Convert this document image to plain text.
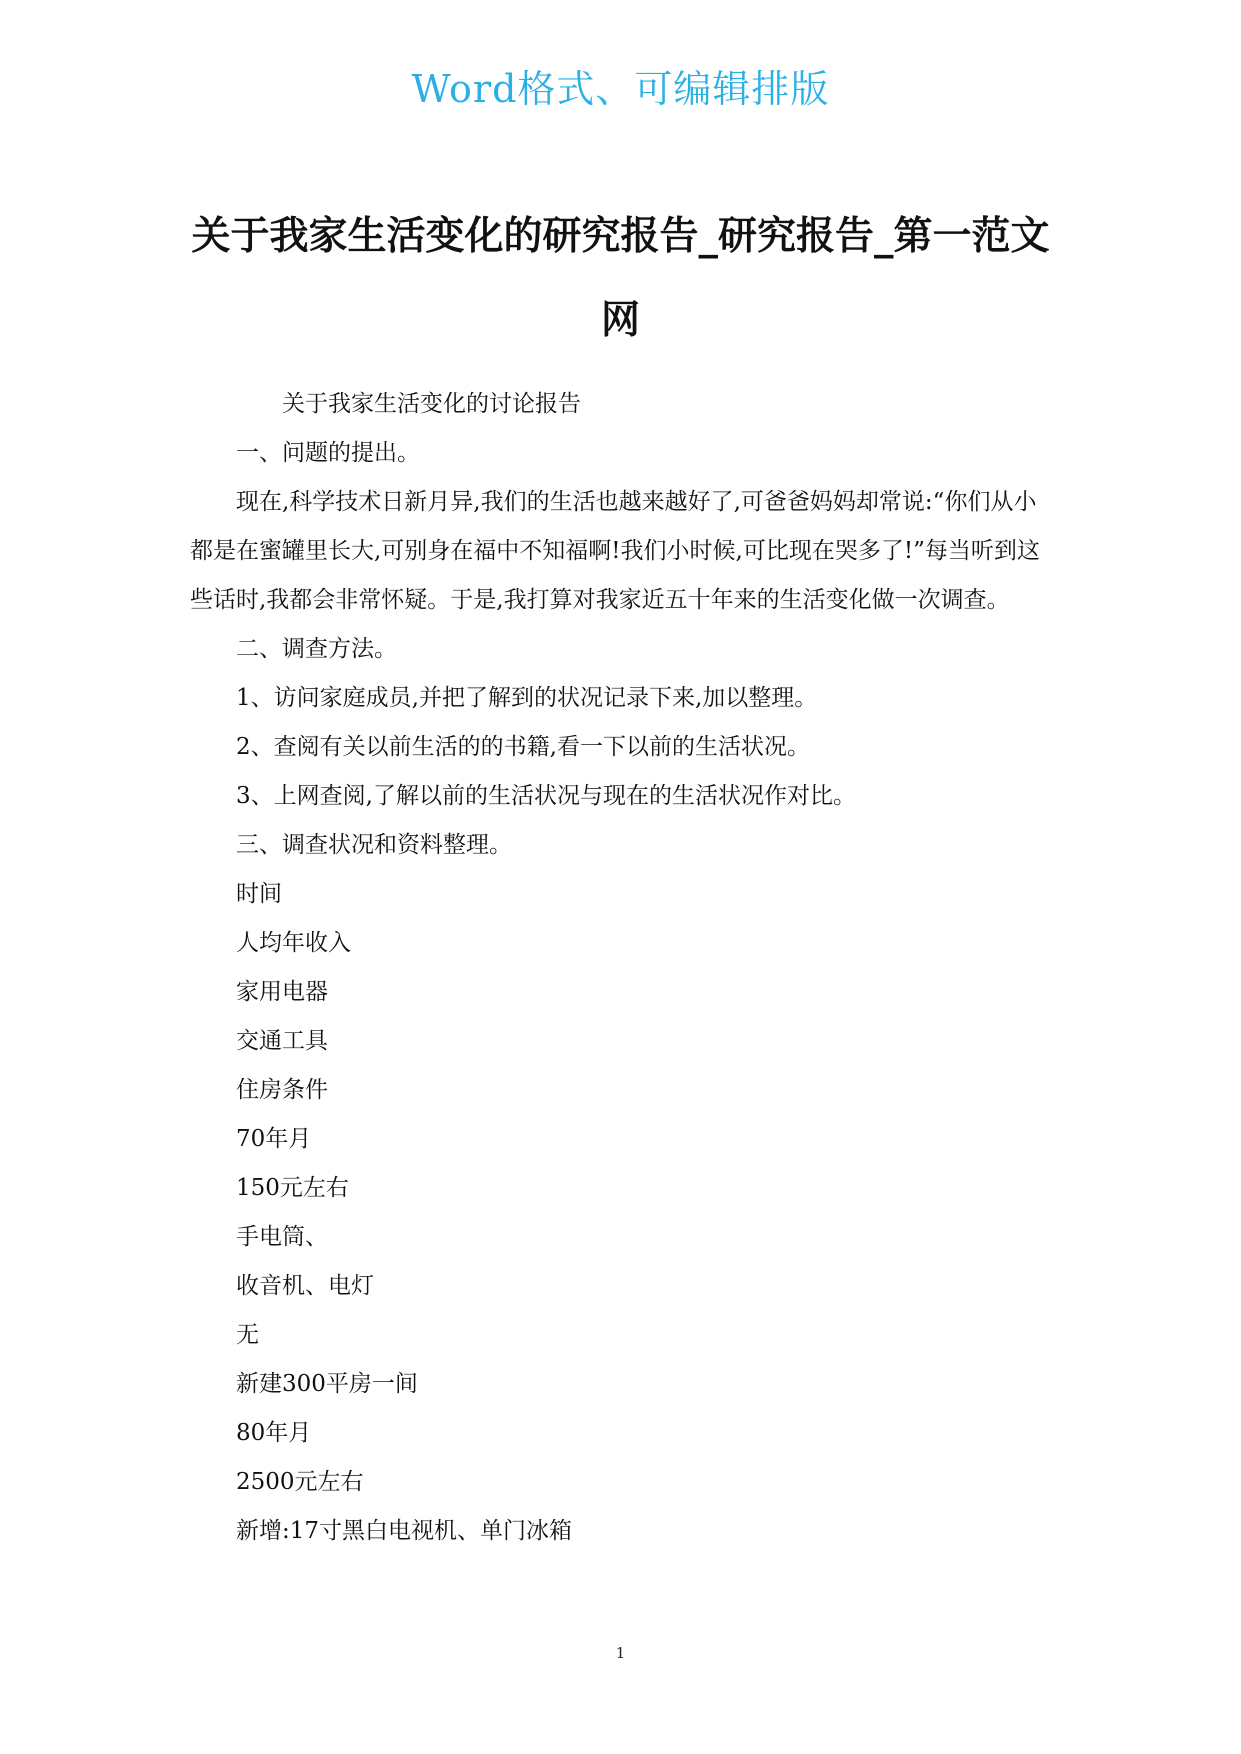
Word格式、可编辑排版
关于我家生活变化的研究报告_研究报告_第一范文网

关于我家生活变化的讨论报告

一、问题的提出。

现在,科学技术日新月异,我们的生活也越来越好了,可爸爸妈妈却常说:“你们从小都是在蜜罐里长大,可别身在福中不知福啊!我们小时候,可比现在哭多了!”每当听到这些话时,我都会非常怀疑。于是,我打算对我家近五十年来的生活变化做一次调查。

二、调查方法。

1、访问家庭成员,并把了解到的状况记录下来,加以整理。

2、查阅有关以前生活的的书籍,看一下以前的生活状况。

3、上网查阅,了解以前的生活状况与现在的生活状况作对比。

三、调查状况和资料整理。

时间

人均年收入

家用电器

交通工具

住房条件

70年月

150元左右

手电筒、

收音机、电灯

无

新建300平房一间

80年月

2500元左右

新增:17寸黑白电视机、单门冰箱

1
